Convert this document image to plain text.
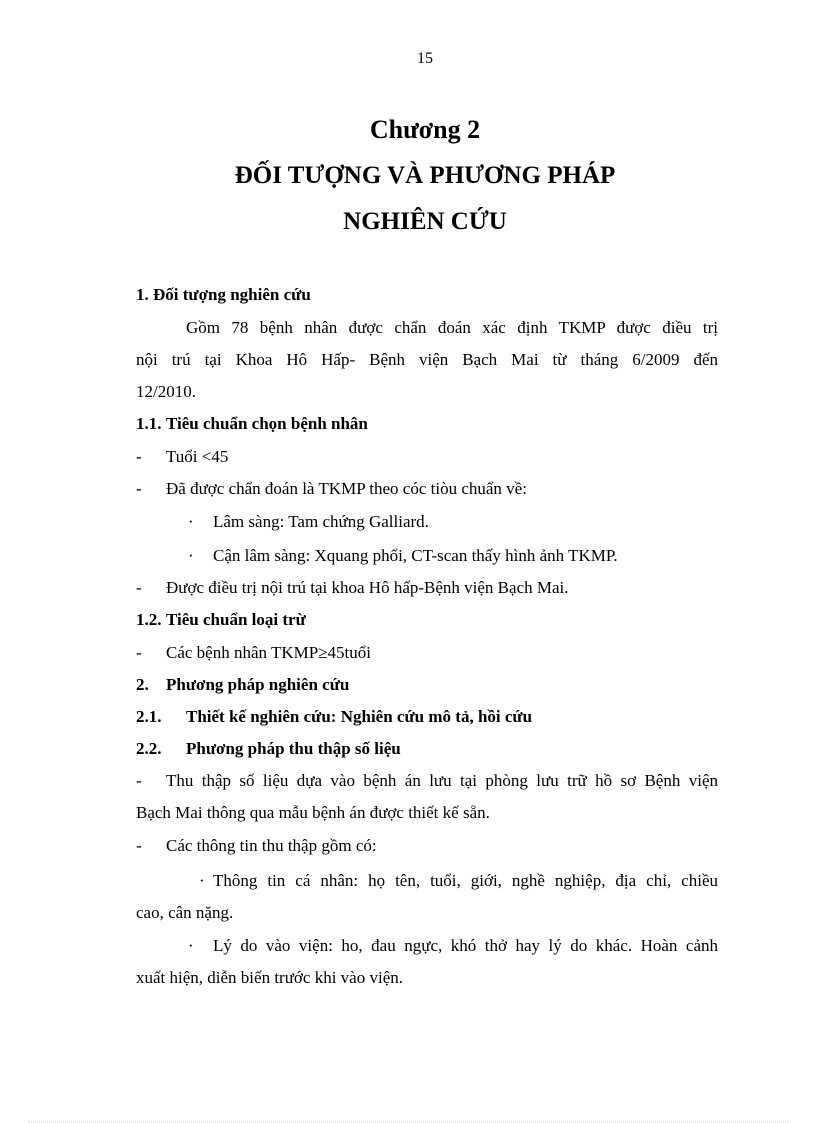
15
Chương 2
ĐỐI TƯỢNG VÀ PHƯƠNG PHÁP
NGHIÊN CỨU
1. Đối tượng nghiên cứu
Gồm 78 bệnh nhân được chẩn đoán xác định TKMP được điều trị
nội trú tại Khoa Hô Hấp- Bệnh viện Bạch Mai từ tháng 6/2009 đến
12/2010.
1.1. Tiêu chuẩn chọn bệnh nhân
- Tuổi <45
- Đã được chẩn đoán là TKMP theo cóc tiòu chuẩn về:
· Lâm sàng: Tam chứng Galliard.
· Cận lâm sàng: Xquang phổi, CT-scan thấy hình ảnh TKMP.
- Được điều trị nội trú tại khoa Hô hấp-Bệnh viện Bạch Mai.
1.2. Tiêu chuẩn loại trừ
- Các bệnh nhân TKMP≥45tuổi
2. Phương pháp nghiên cứu
2.1. Thiết kế nghiên cứu: Nghiên cứu mô tả, hồi cứu
2.2. Phương pháp thu thập số liệu
- Thu thập số liệu dựa vào bệnh án lưu tại phòng lưu trữ hồ sơ Bệnh viện
Bạch Mai thông qua mẫu bệnh án được thiết kế sẵn.
- Các thông tin thu thập gồm có:
· Thông tin cá nhân: họ tên, tuổi, giới, nghề nghiệp, địa chỉ, chiều
cao, cân nặng.
· Lý do vào viện: ho, đau ngực, khó thở hay lý do khác. Hoàn cảnh
xuất hiện, diễn biến trước khi vào viện.
